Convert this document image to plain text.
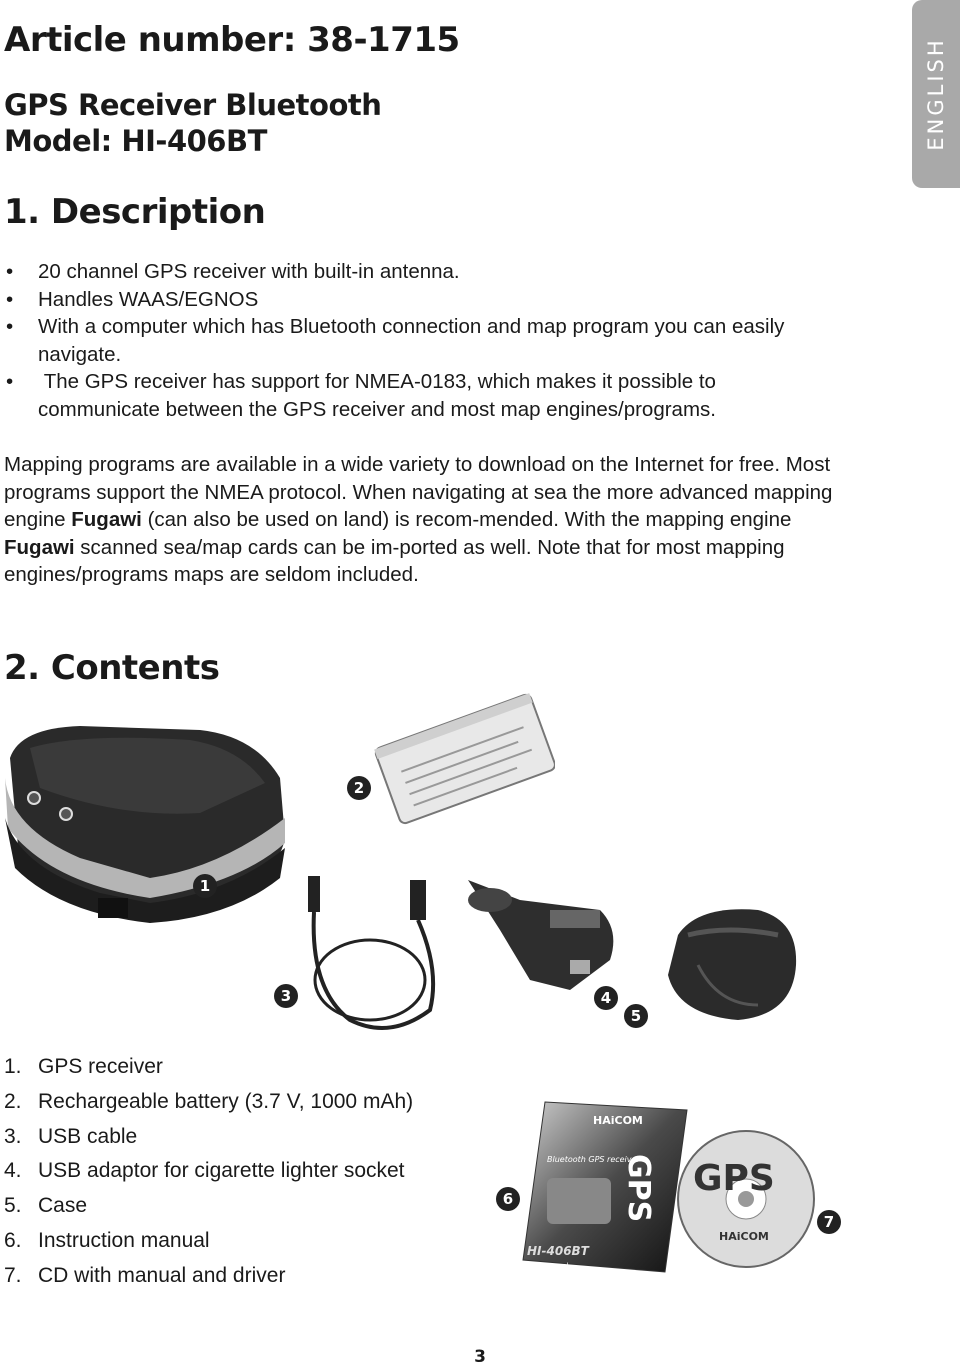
Article number: 38-1715
GPS Receiver Bluetooth
Model: HI-406BT	ENGLISH
1. Description
• 20 channel GPS receiver with built-in antenna.
• Handles WAAS/EGNOS
• With a computer which has Bluetooth connection and map program you can easily navigate.
• The GPS receiver has support for NMEA-0183, which makes it possible to communicate between the GPS receiver and most map engines/programs.

Mapping programs are available in a wide variety to download on the Internet for free. Most programs support the NMEA protocol. When navigating at sea the more advanced mapping engine Fugawi (can also be used on land) is recom-mended. With the mapping engine Fugawi scanned sea/map cards can be im-ported as well. Note that for most mapping engines/programs maps are seldom included.

2. Contents
1
2
3	4
5
1. GPS receiver
2. Rechargeable battery (3.7 V, 1000 mAh)
3. USB cable
4. USB adaptor for cigarette lighter socket
5. Case
6. Instruction manual
7. CD with manual and driver
HAiCOM
GPS
Bluetooth GPS receiver
HI-406BT
User Manual
6	GPS
HAiCOM
7
3
